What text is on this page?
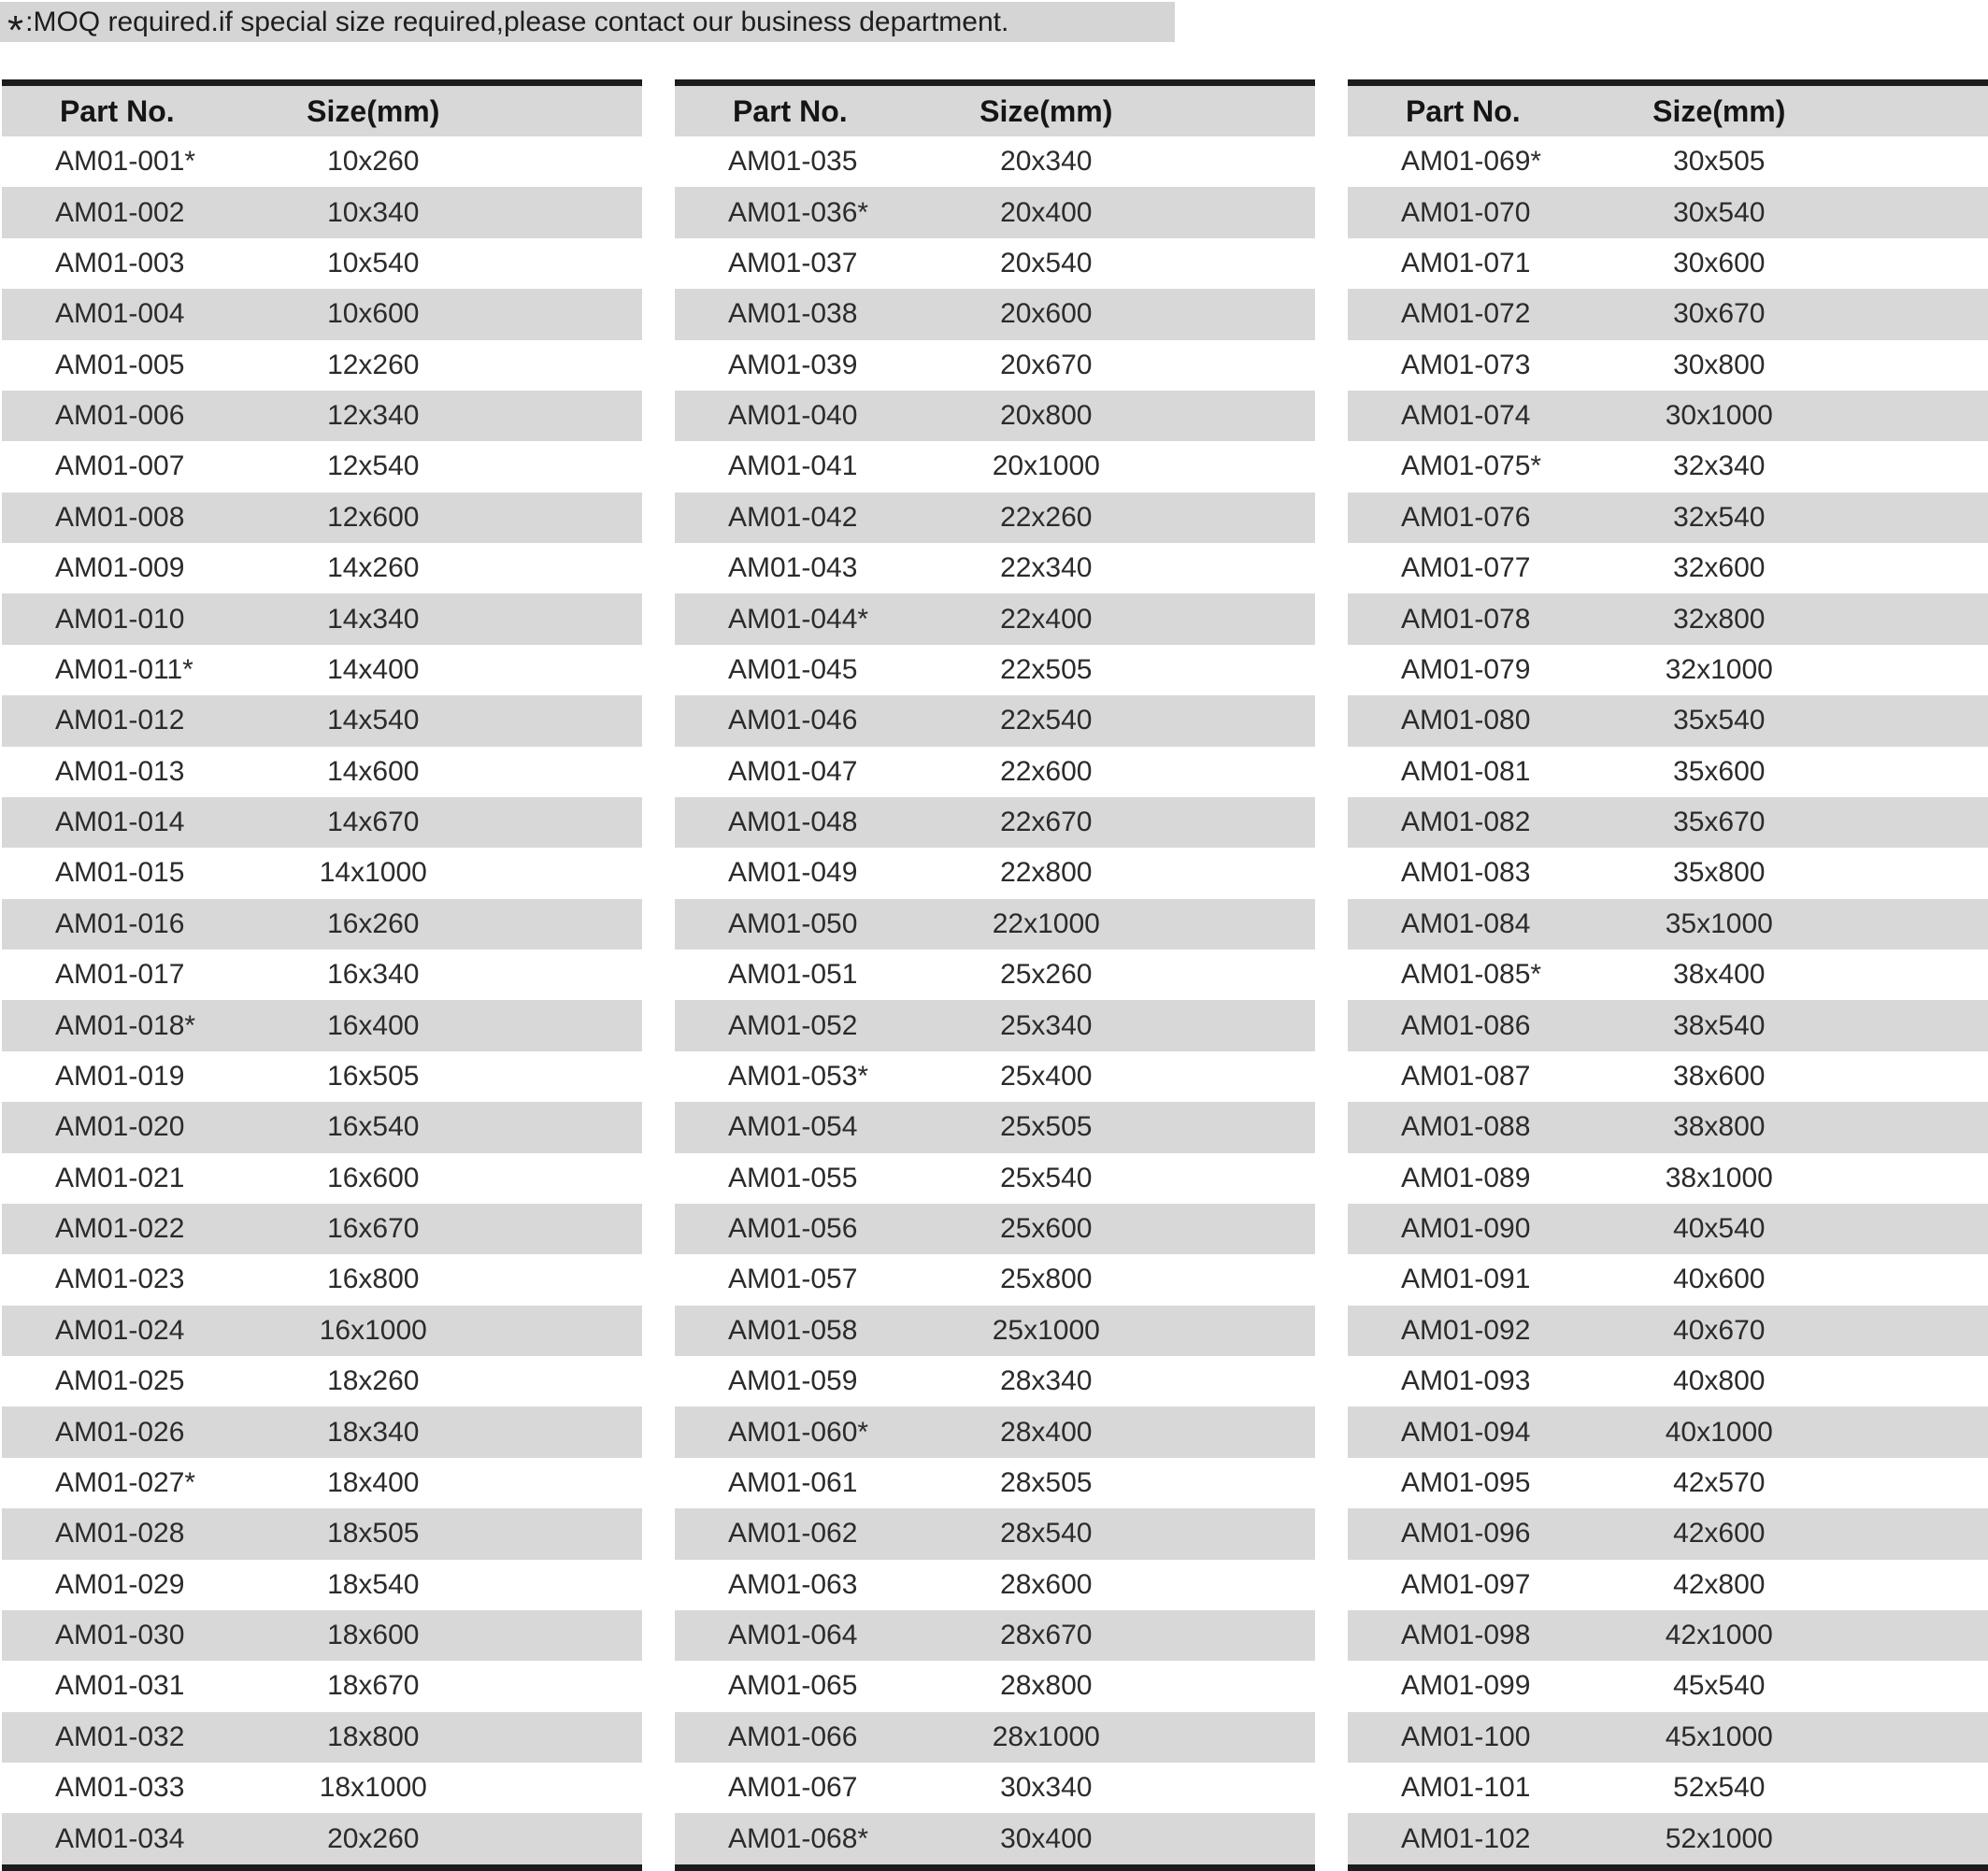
* :MOQ required.if special size required,please contact our business department.
Part No.	Size(mm)
AM01-001*	10x260
AM01-002	10x340
AM01-003	10x540
AM01-004	10x600
AM01-005	12x260
AM01-006	12x340
AM01-007	12x540
AM01-008	12x600
AM01-009	14x260
AM01-010	14x340
AM01-011*	14x400
AM01-012	14x540
AM01-013	14x600
AM01-014	14x670
AM01-015	14x1000
AM01-016	16x260
AM01-017	16x340
AM01-018*	16x400
AM01-019	16x505
AM01-020	16x540
AM01-021	16x600
AM01-022	16x670
AM01-023	16x800
AM01-024	16x1000
AM01-025	18x260
AM01-026	18x340
AM01-027*	18x400
AM01-028	18x505
AM01-029	18x540
AM01-030	18x600
AM01-031	18x670
AM01-032	18x800
AM01-033	18x1000
AM01-034	20x260
Part No.	Size(mm)
AM01-035	20x340
AM01-036*	20x400
AM01-037	20x540
AM01-038	20x600
AM01-039	20x670
AM01-040	20x800
AM01-041	20x1000
AM01-042	22x260
AM01-043	22x340
AM01-044*	22x400
AM01-045	22x505
AM01-046	22x540
AM01-047	22x600
AM01-048	22x670
AM01-049	22x800
AM01-050	22x1000
AM01-051	25x260
AM01-052	25x340
AM01-053*	25x400
AM01-054	25x505
AM01-055	25x540
AM01-056	25x600
AM01-057	25x800
AM01-058	25x1000
AM01-059	28x340
AM01-060*	28x400
AM01-061	28x505
AM01-062	28x540
AM01-063	28x600
AM01-064	28x670
AM01-065	28x800
AM01-066	28x1000
AM01-067	30x340
AM01-068*	30x400
Part No.	Size(mm)
AM01-069*	30x505
AM01-070	30x540
AM01-071	30x600
AM01-072	30x670
AM01-073	30x800
AM01-074	30x1000
AM01-075*	32x340
AM01-076	32x540
AM01-077	32x600
AM01-078	32x800
AM01-079	32x1000
AM01-080	35x540
AM01-081	35x600
AM01-082	35x670
AM01-083	35x800
AM01-084	35x1000
AM01-085*	38x400
AM01-086	38x540
AM01-087	38x600
AM01-088	38x800
AM01-089	38x1000
AM01-090	40x540
AM01-091	40x600
AM01-092	40x670
AM01-093	40x800
AM01-094	40x1000
AM01-095	42x570
AM01-096	42x600
AM01-097	42x800
AM01-098	42x1000
AM01-099	45x540
AM01-100	45x1000
AM01-101	52x540
AM01-102	52x1000
